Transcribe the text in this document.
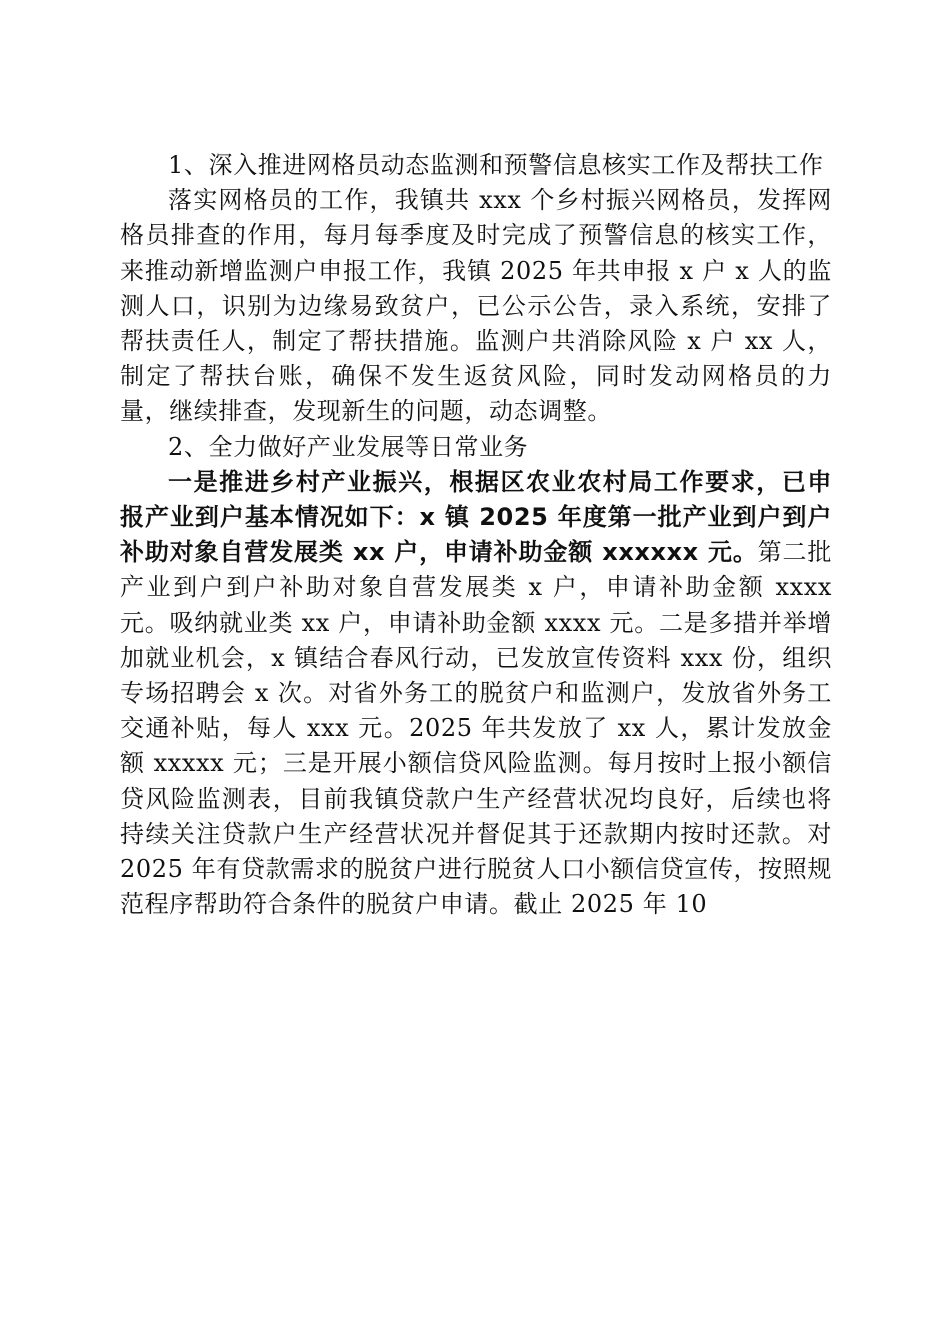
1、深入推进网格员动态监测和预警信息核实工作及帮扶工作

落实网格员的工作，我镇共 xxx 个乡村振兴网格员，发挥网格员排查的作用，每月每季度及时完成了预警信息的核实工作，来推动新增监测户申报工作，我镇 2025 年共申报 x 户 x 人的监测人口，识别为边缘易致贫户，已公示公告，录入系统，安排了帮扶责任人，制定了帮扶措施。监测户共消除风险 x 户 xx 人，制定了帮扶台账，确保不发生返贫风险，同时发动网格员的力量，继续排查，发现新生的问题，动态调整。

2、全力做好产业发展等日常业务

一是推进乡村产业振兴，根据区农业农村局工作要求，已申报产业到户基本情况如下：x 镇 2025 年度第一批产业到户到户补助对象自营发展类 xx 户，申请补助金额 xxxxxx 元。第二批产业到户到户补助对象自营发展类 x 户，申请补助金额 xxxx 元。吸纳就业类 xx 户，申请补助金额 xxxx 元。二是多措并举增加就业机会，x 镇结合春风行动，已发放宣传资料 xxx 份，组织专场招聘会 x 次。对省外务工的脱贫户和监测户，发放省外务工交通补贴，每人 xxx 元。2025 年共发放了 xx 人，累计发放金额 xxxxx 元；三是开展小额信贷风险监测。每月按时上报小额信贷风险监测表，目前我镇贷款户生产经营状况均良好，后续也将持续关注贷款户生产经营状况并督促其于还款期内按时还款。对 2025 年有贷款需求的脱贫户进行脱贫人口小额信贷宣传，按照规范程序帮助符合条件的脱贫户申请。截止 2025 年 10
